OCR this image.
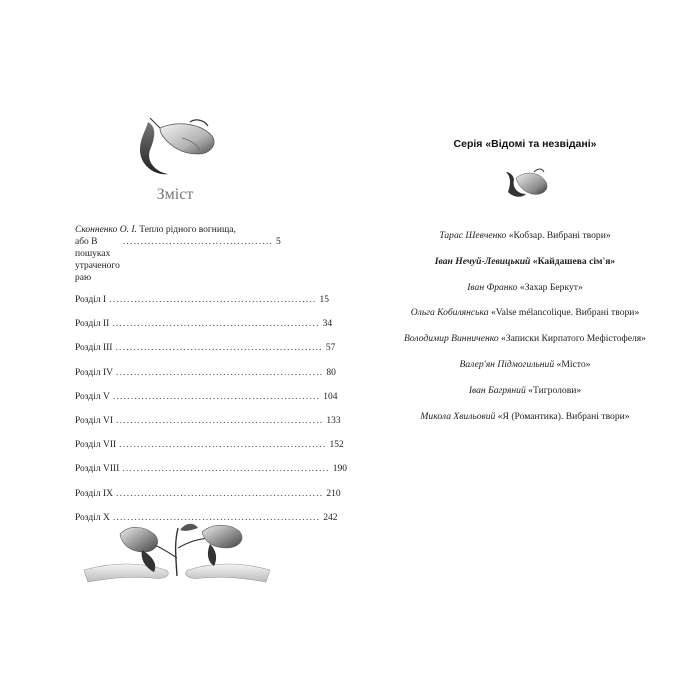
Зміст
Сконненко О. І. Тепло рідного вогнища,
або В пошуках утраченого раю
.......................................... 5
Розділ I .......................................................... 15
Розділ II .......................................................... 34
Розділ III .......................................................... 57
Розділ IV .......................................................... 80
Розділ V .......................................................... 104
Розділ VI .......................................................... 133
Розділ VII .......................................................... 152
Розділ VIII .......................................................... 190
Розділ IX .......................................................... 210
Розділ X .......................................................... 242
Серія «Відомі та незвідані»
Тарас Шевченко «Кобзар. Вибрані твори»
Іван Нечуй-Левицький «Кайдашева сім'я»
Іван Франко «Захар Беркут»
Ольга Кобилянська «Valse mélancolique. Вибрані твори»
Володимир Винниченко «Записки Кирпатого Мефістофеля»
Валер'ян Підмогильний «Місто»
Іван Багряний «Тигролови»
Микола Хвильовий «Я (Романтика). Вибрані твори»
